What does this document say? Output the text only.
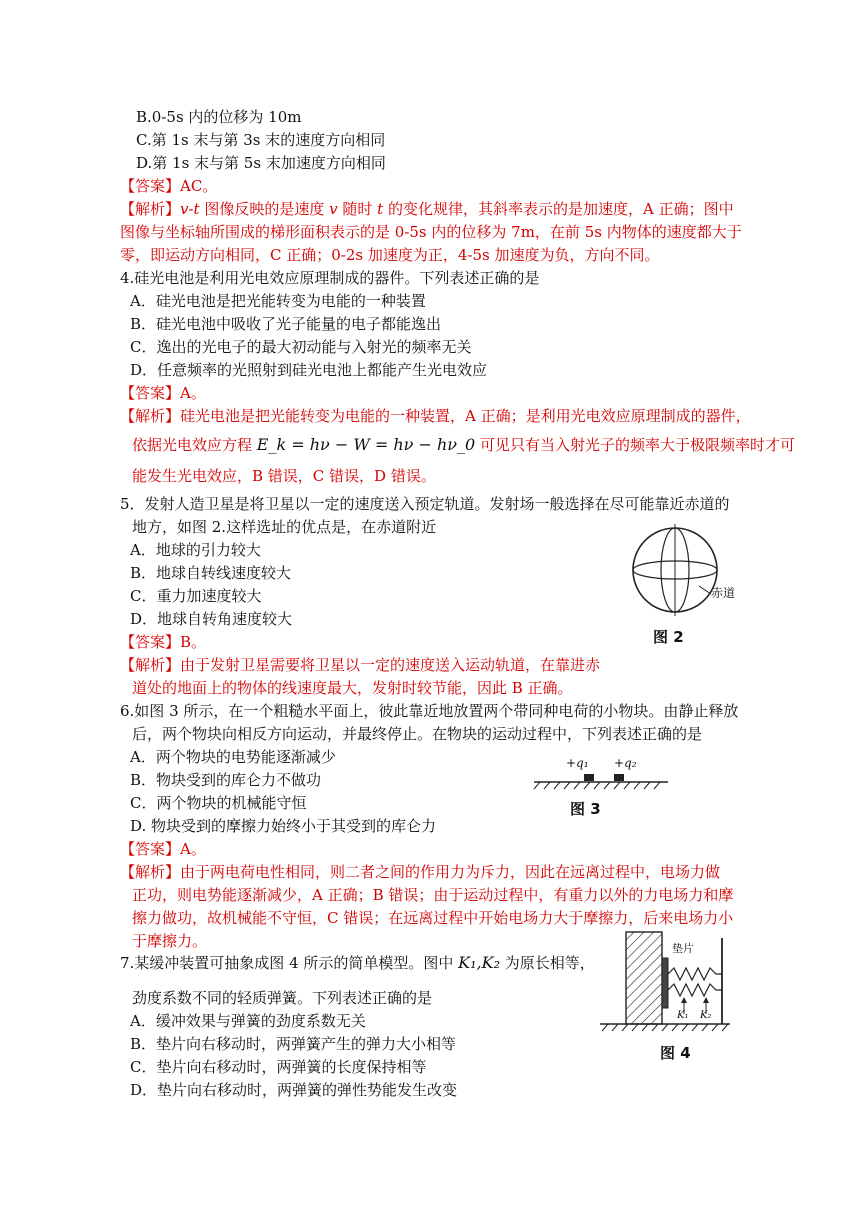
B.0-5s 内的位移为 10m
C.第 1s 末与第 3s 末的速度方向相同
D.第 1s 末与第 5s 末加速度方向相同
【答案】AC。
【解析】v-t 图像反映的是速度 v 随时 t 的变化规律，其斜率表示的是加速度，A 正确；图中
图像与坐标轴所围成的梯形面积表示的是 0-5s 内的位移为 7m，在前 5s 内物体的速度都大于
零，即运动方向相同，C 正确；0-2s 加速度为正，4-5s 加速度为负，方向不同。
4.硅光电池是利用光电效应原理制成的器件。下列表述正确的是
A．硅光电池是把光能转变为电能的一种装置
B．硅光电池中吸收了光子能量的电子都能逸出
C．逸出的光电子的最大初动能与入射光的频率无关
D．任意频率的光照射到硅光电池上都能产生光电效应
【答案】A。
【解析】硅光电池是把光能转变为电能的一种装置，A 正确；是利用光电效应原理制成的器件，
依据光电效应方程 E_k = hν − W = hν − hν_0 可见只有当入射光子的频率大于极限频率时才可
能发生光电效应，B 错误，C 错误，D 错误。
5．发射人造卫星是将卫星以一定的速度送入预定轨道。发射场一般选择在尽可能靠近赤道的
地方，如图 2.这样选址的优点是，在赤道附近
A．地球的引力较大
B．地球自转线速度较大
C．重力加速度较大
D．地球自转角速度较大
【答案】B。
【解析】由于发射卫星需要将卫星以一定的速度送入运动轨道，在靠进赤
道处的地面上的物体的线速度最大，发射时较节能，因此 B 正确。
赤道
图 2
6.如图 3 所示，在一个粗糙水平面上，彼此靠近地放置两个带同种电荷的小物块。由静止释放
后，两个物块向相反方向运动，并最终停止。在物块的运动过程中，下列表述正确的是
A．两个物块的电势能逐渐减少
B．物块受到的库仑力不做功
C．两个物块的机械能守恒
D. 物块受到的摩擦力始终小于其受到的库仑力
【答案】A。
【解析】由于两电荷电性相同，则二者之间的作用力为斥力，因此在远离过程中，电场力做
正功，则电势能逐渐减少，A 正确；B 错误；由于运动过程中，有重力以外的力电场力和摩
擦力做功，故机械能不守恒，C 错误；在远离过程中开始电场力大于摩擦力，后来电场力小
于摩擦力。
+q₁ +q₂
图 3
7.某缓冲装置可抽象成图 4 所示的简单模型。图中 K₁,K₂ 为原长相等，
劲度系数不同的轻质弹簧。下列表述正确的是
A．缓冲效果与弹簧的劲度系数无关
B．垫片向右移动时，两弹簧产生的弹力大小相等
C．垫片向右移动时，两弹簧的长度保持相等
D．垫片向右移动时，两弹簧的弹性势能发生改变
垫片
K₁ K₂
图 4
